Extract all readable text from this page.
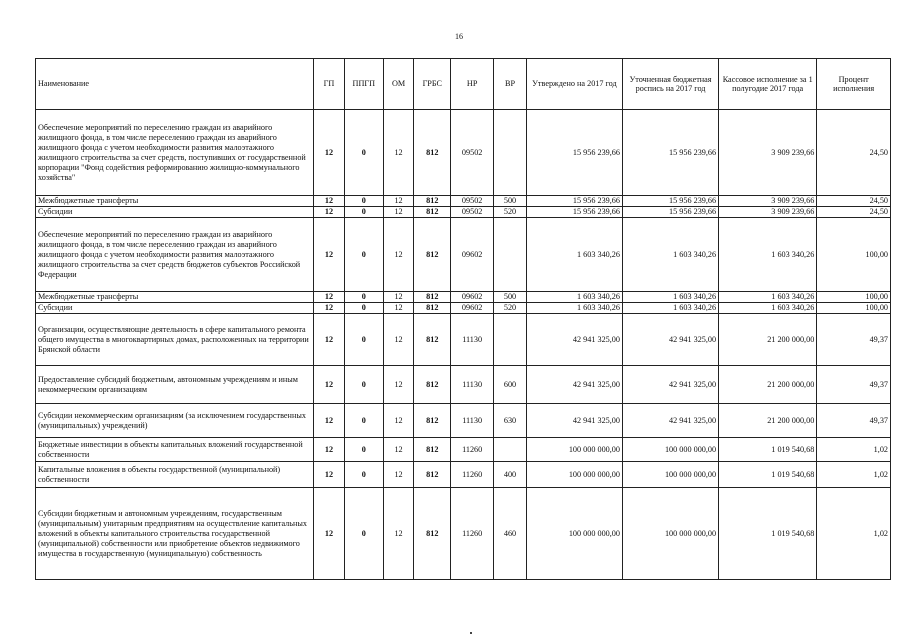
16
Наименование	ГП	ППГП	ОМ	ГРБС	НР	ВР	Утверждено на 2017 год	Уточненная бюджетная роспись на 2017 год	Кассовое исполнение за 1 полугодие 2017 года	Процент исполнения
Обеспечение мероприятий по переселению граждан из аварийного жилищного фонда, в том числе переселению граждан из аварийного жилищного фонда с учетом необходимости развития малоэтажного жилищного строительства за счет средств, поступивших от государственной корпорации "Фонд содействия реформированию жилищно-коммунального хозяйства"	12	0	12	812	09502		15 956 239,66	15 956 239,66	3 909 239,66	24,50
Межбюджетные трансферты	12	0	12	812	09502	500	15 956 239,66	15 956 239,66	3 909 239,66	24,50
Субсидии	12	0	12	812	09502	520	15 956 239,66	15 956 239,66	3 909 239,66	24,50
Обеспечение мероприятий по переселению граждан из аварийного жилищного фонда, в том числе переселению граждан из аварийного жилищного фонда с учетом необходимости развития малоэтажного жилищного строительства за счет средств бюджетов субъектов Российской Федерации	12	0	12	812	09602		1 603 340,26	1 603 340,26	1 603 340,26	100,00
Межбюджетные трансферты	12	0	12	812	09602	500	1 603 340,26	1 603 340,26	1 603 340,26	100,00
Субсидии	12	0	12	812	09602	520	1 603 340,26	1 603 340,26	1 603 340,26	100,00
Организации, осуществляющие деятельность в сфере капитального ремонта общего имущества в многоквартирных домах, расположенных на территории Брянской области	12	0	12	812	11130		42 941 325,00	42 941 325,00	21 200 000,00	49,37
Предоставление субсидий бюджетным, автономным учреждениям и иным некоммерческим организациям	12	0	12	812	11130	600	42 941 325,00	42 941 325,00	21 200 000,00	49,37
Субсидии некоммерческим организациям (за исключением государственных (муниципальных) учреждений)	12	0	12	812	11130	630	42 941 325,00	42 941 325,00	21 200 000,00	49,37
Бюджетные инвестиции в объекты капитальных вложений государственной собственности	12	0	12	812	11260		100 000 000,00	100 000 000,00	1 019 540,68	1,02
Капитальные вложения в объекты государственной (муниципальной) собственности	12	0	12	812	11260	400	100 000 000,00	100 000 000,00	1 019 540,68	1,02
Субсидии бюджетным и автономным учреждениям, государственным (муниципальным) унитарным предприятиям на осуществление капитальных вложений в объекты капитального строительства государственной (муниципальной) собственности или приобретение объектов недвижимого имущества в государственную (муниципальную) собственность	12	0	12	812	11260	460	100 000 000,00	100 000 000,00	1 019 540,68	1,02
